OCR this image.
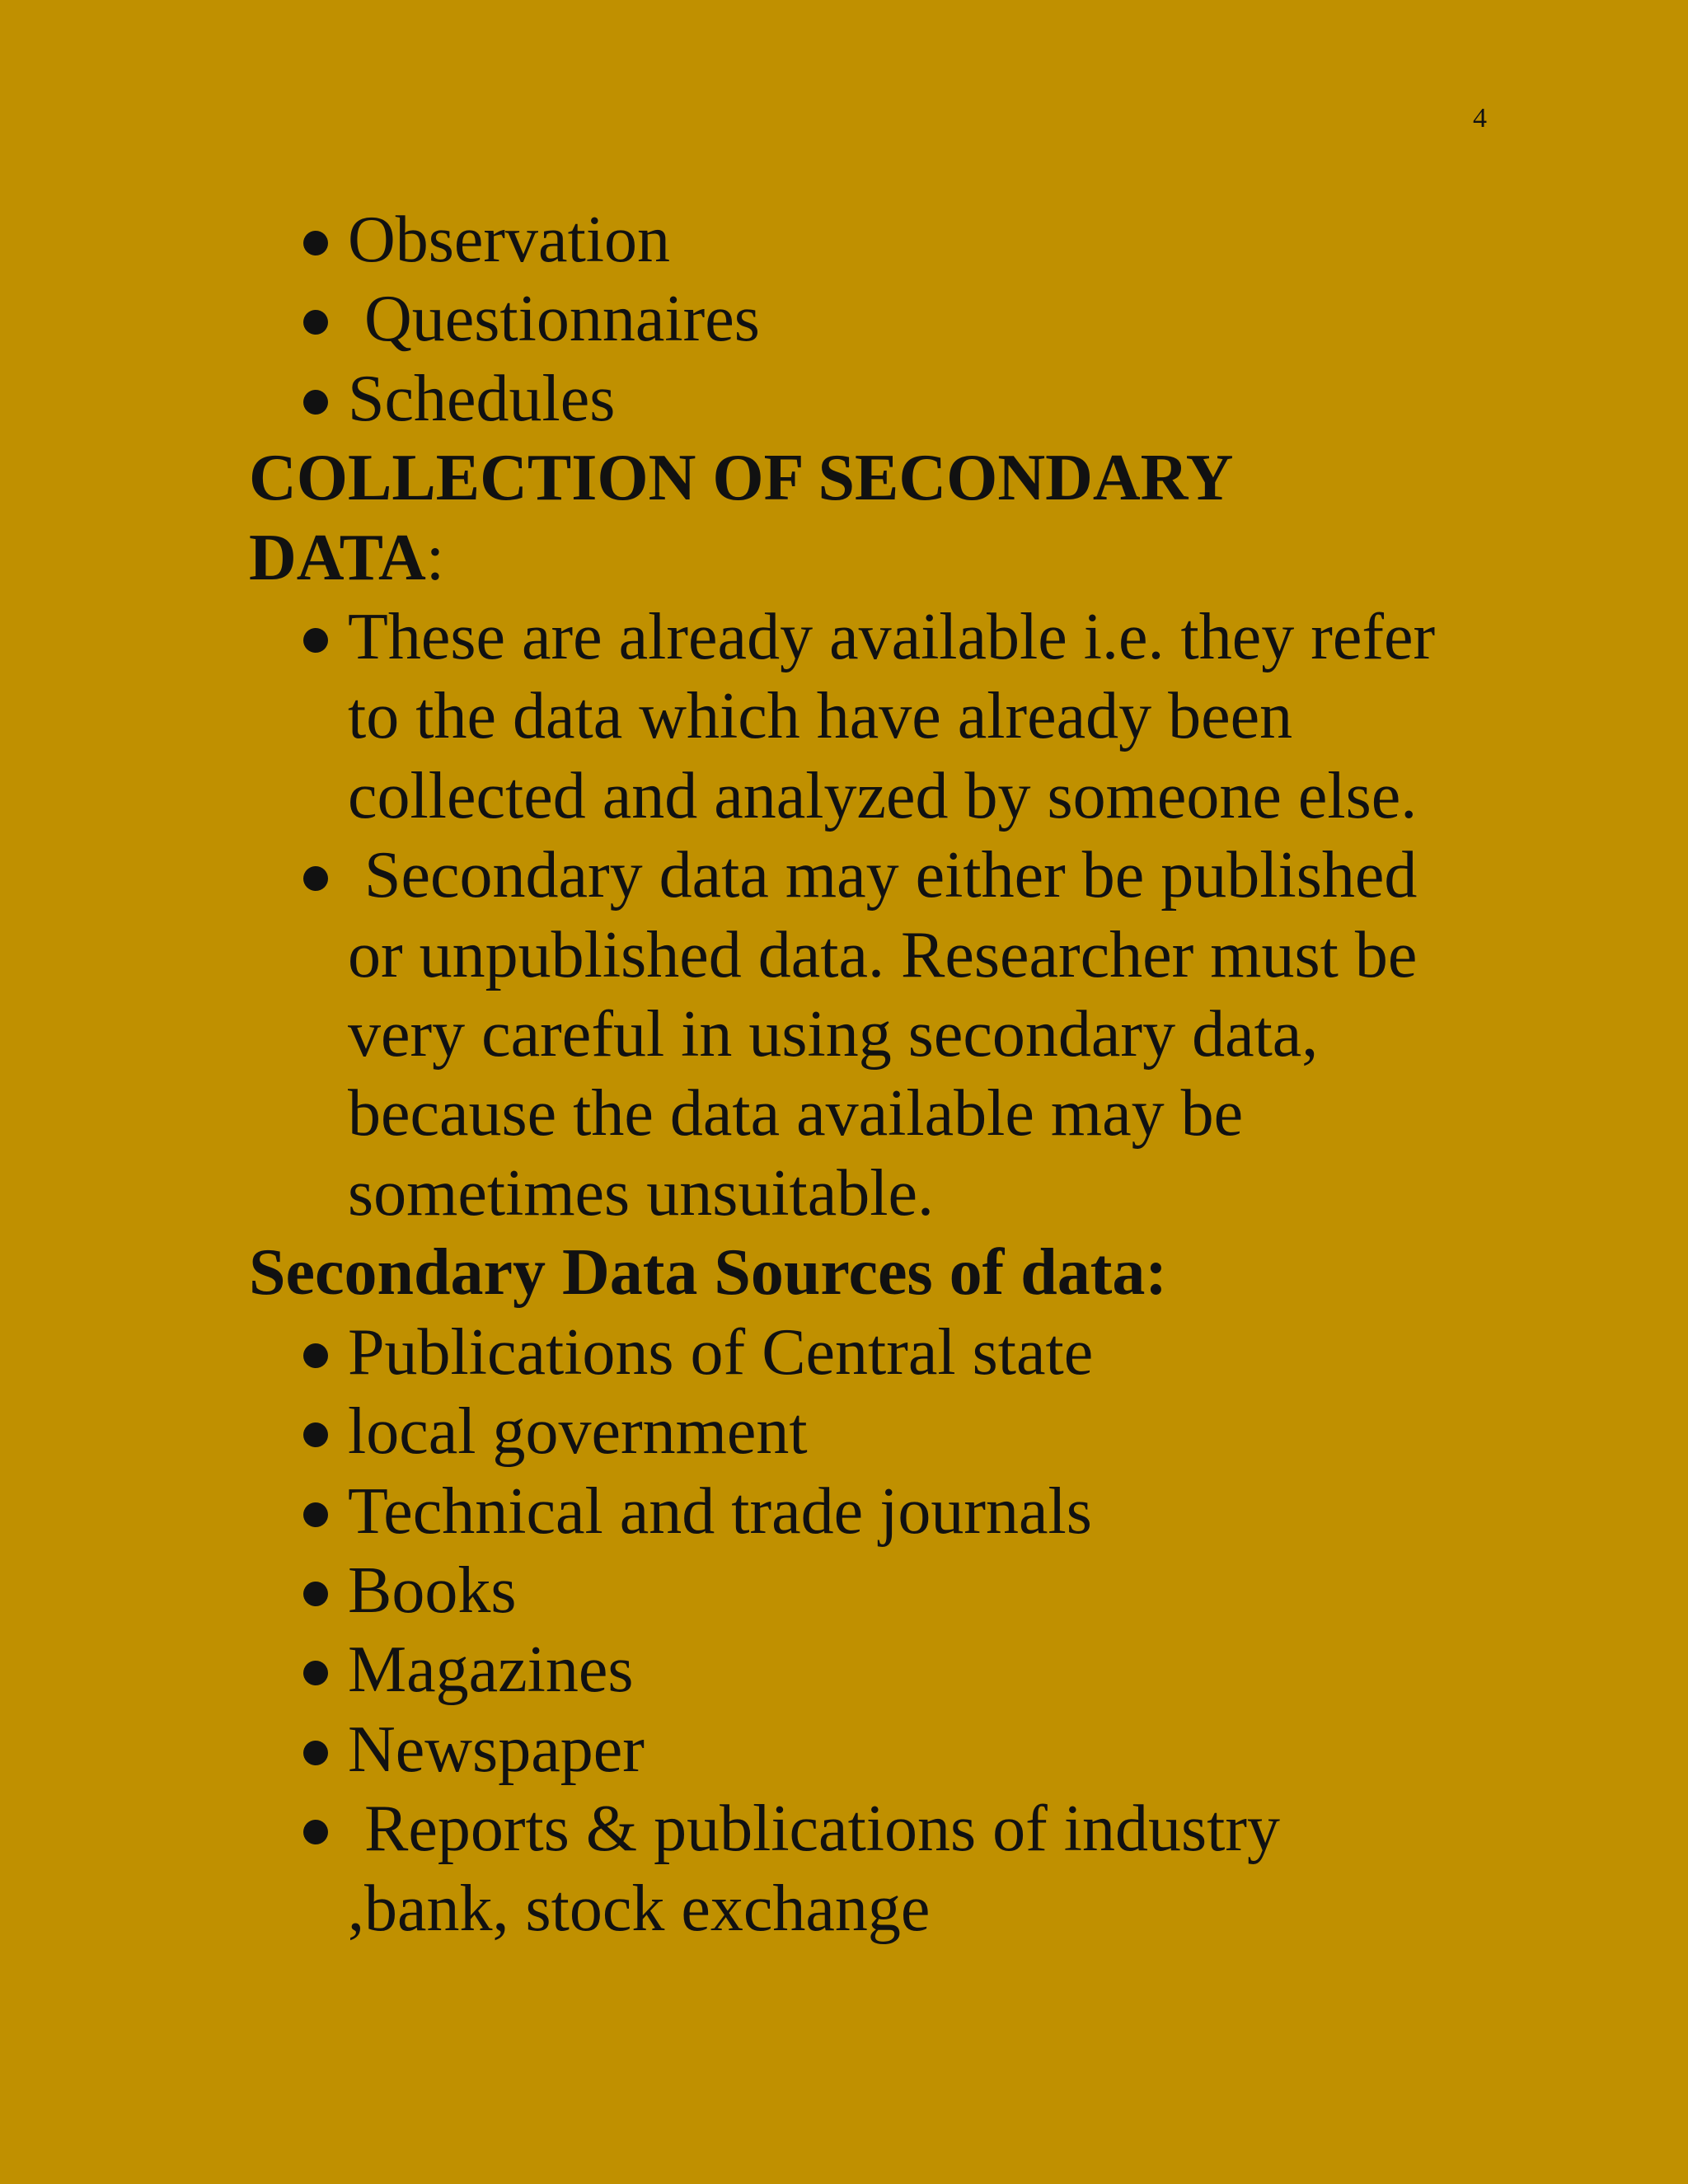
4
Observation
Questionnaires
Schedules
COLLECTION OF SECONDARY
DATA:
These are already available i.e. they refer
to the data which have already been
collected and analyzed by someone else.
Secondary data may either be published
or unpublished data. Researcher must be
very careful in using secondary data,
because the data available may be
sometimes unsuitable.
Secondary Data Sources of data:
Publications of Central state
local government
Technical and trade journals
Books
Magazines
Newspaper
Reports & publications of industry
,bank, stock exchange
